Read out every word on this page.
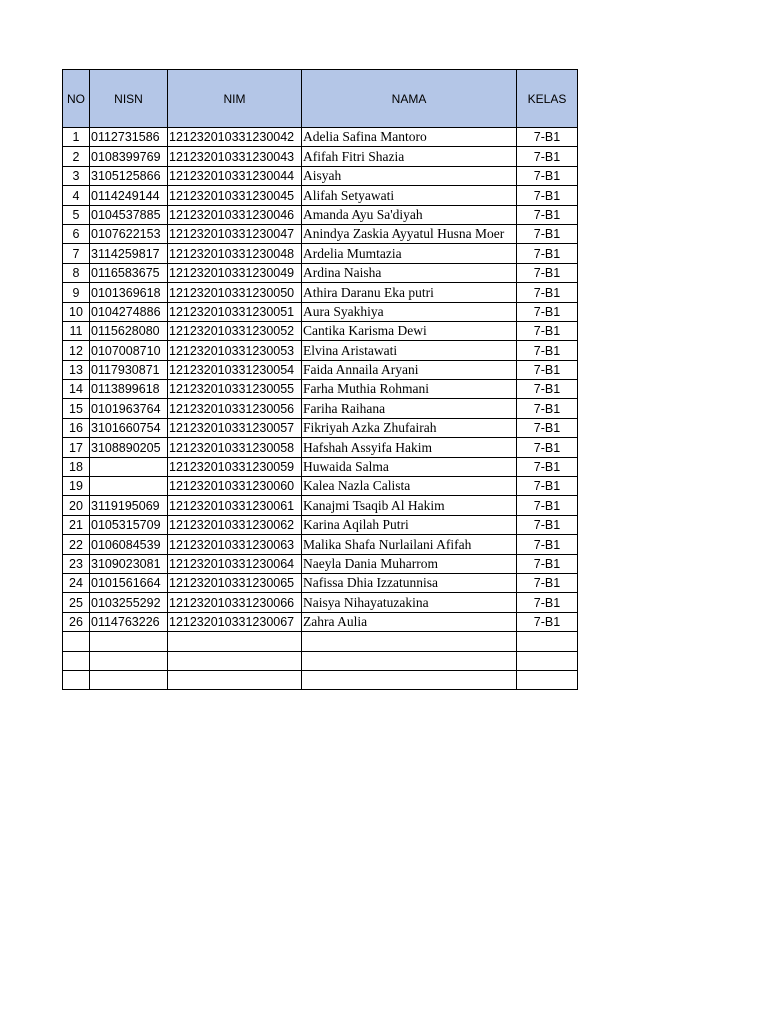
NO	NISN	NIM	NAMA	KELAS
1	0112731586	121232010331230042	Adelia Safina Mantoro	7-B1
2	0108399769	121232010331230043	Afifah Fitri Shazia	7-B1
3	3105125866	121232010331230044	Aisyah	7-B1
4	0114249144	121232010331230045	Alifah Setyawati	7-B1
5	0104537885	121232010331230046	Amanda Ayu Sa'diyah	7-B1
6	0107622153	121232010331230047	Anindya Zaskia Ayyatul Husna Moer	7-B1
7	3114259817	121232010331230048	Ardelia Mumtazia	7-B1
8	0116583675	121232010331230049	Ardina Naisha	7-B1
9	0101369618	121232010331230050	Athira Daranu Eka putri	7-B1
10	0104274886	121232010331230051	Aura Syakhiya	7-B1
11	0115628080	121232010331230052	Cantika Karisma Dewi	7-B1
12	0107008710	121232010331230053	Elvina Aristawati	7-B1
13	0117930871	121232010331230054	Faida Annaila Aryani	7-B1
14	0113899618	121232010331230055	Farha Muthia Rohmani	7-B1
15	0101963764	121232010331230056	Fariha Raihana	7-B1
16	3101660754	121232010331230057	Fikriyah Azka Zhufairah	7-B1
17	3108890205	121232010331230058	Hafshah Assyifa Hakim	7-B1
18		121232010331230059	Huwaida Salma	7-B1
19		121232010331230060	Kalea Nazla Calista	7-B1
20	3119195069	121232010331230061	Kanajmi Tsaqib Al Hakim	7-B1
21	0105315709	121232010331230062	Karina Aqilah Putri	7-B1
22	0106084539	121232010331230063	Malika Shafa Nurlailani Afifah	7-B1
23	3109023081	121232010331230064	Naeyla Dania Muharrom	7-B1
24	0101561664	121232010331230065	Nafissa Dhia Izzatunnisa	7-B1
25	0103255292	121232010331230066	Naisya Nihayatuzakina	7-B1
26	0114763226	121232010331230067	Zahra Aulia	7-B1
